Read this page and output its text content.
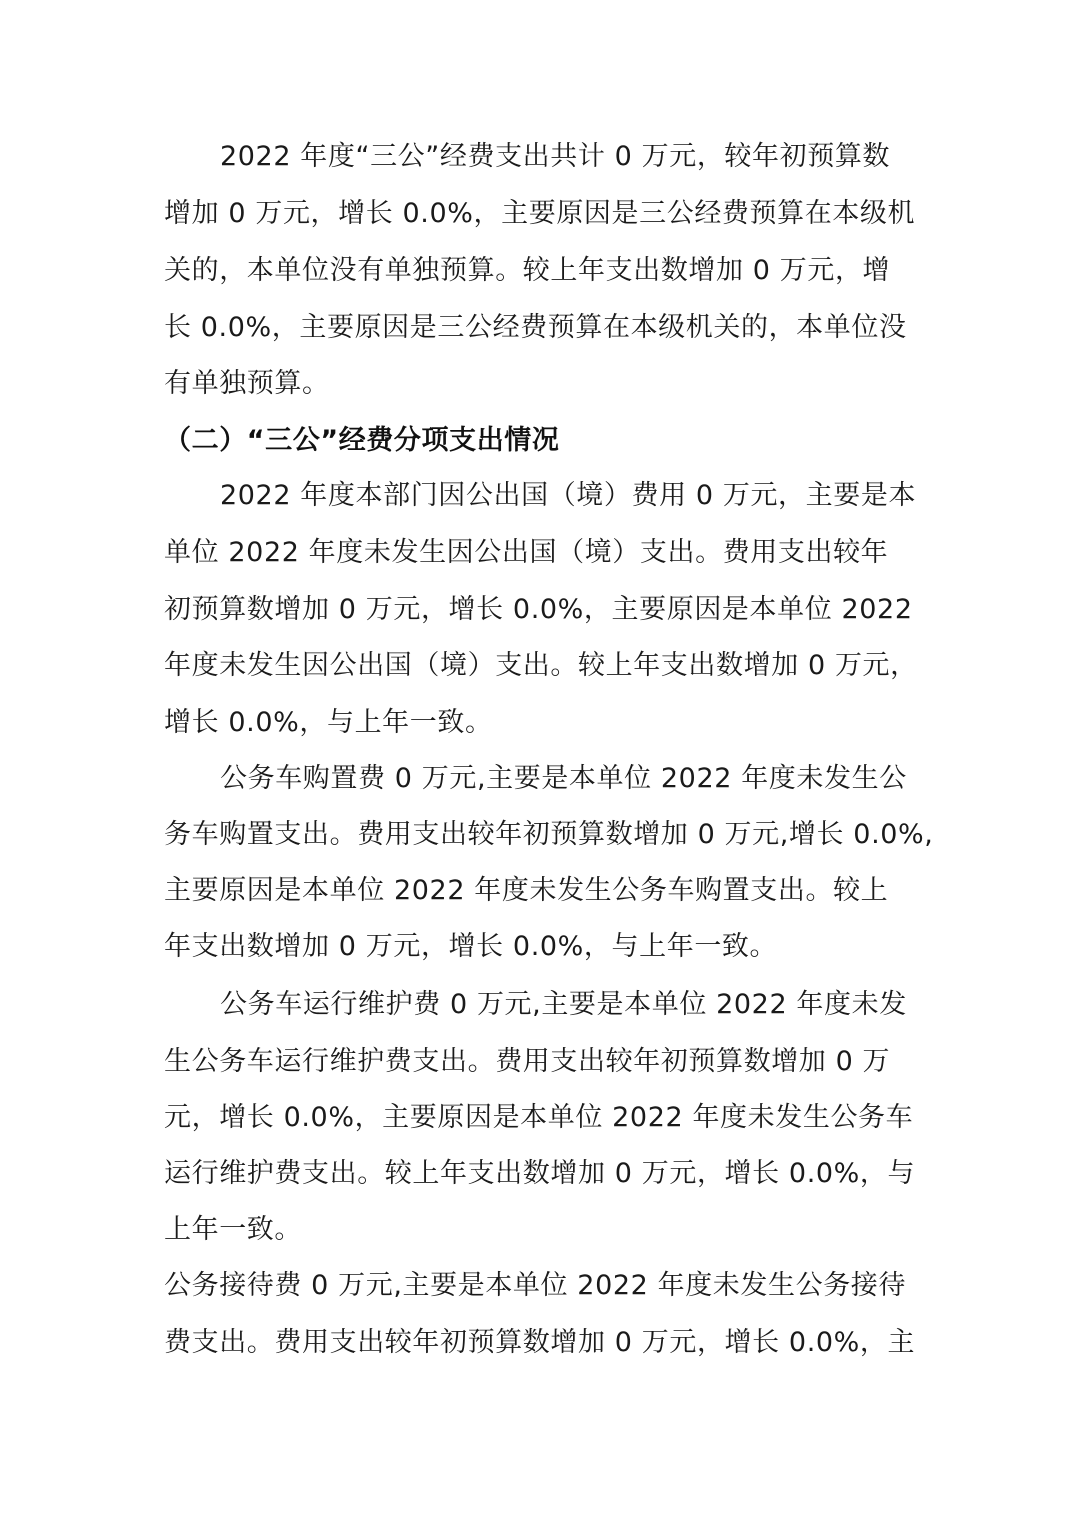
2022 年度“三公”经费支出共计 0 万元，较年初预算数

增加 0 万元，增长 0.0%，主要原因是三公经费预算在本级机

关的，本单位没有单独预算。较上年支出数增加 0 万元，增

长 0.0%，主要原因是三公经费预算在本级机关的，本单位没

有单独预算。

（二）“三公”经费分项支出情况

2022 年度本部门因公出国（境）费用 0 万元，主要是本

单位 2022 年度未发生因公出国（境）支出。费用支出较年

初预算数增加 0 万元，增长 0.0%，主要原因是本单位 2022

年度未发生因公出国（境）支出。较上年支出数增加 0 万元，

增长 0.0%，与上年一致。

公务车购置费 0 万元,主要是本单位 2022 年度未发生公

务车购置支出。费用支出较年初预算数增加 0 万元,增长 0.0%,

主要原因是本单位 2022 年度未发生公务车购置支出。较上

年支出数增加 0 万元，增长 0.0%，与上年一致。

公务车运行维护费 0 万元,主要是本单位 2022 年度未发

生公务车运行维护费支出。费用支出较年初预算数增加 0 万

元，增长 0.0%，主要原因是本单位 2022 年度未发生公务车

运行维护费支出。较上年支出数增加 0 万元，增长 0.0%，与

上年一致。

公务接待费 0 万元,主要是本单位 2022 年度未发生公务接待

费支出。费用支出较年初预算数增加 0 万元，增长 0.0%，主
